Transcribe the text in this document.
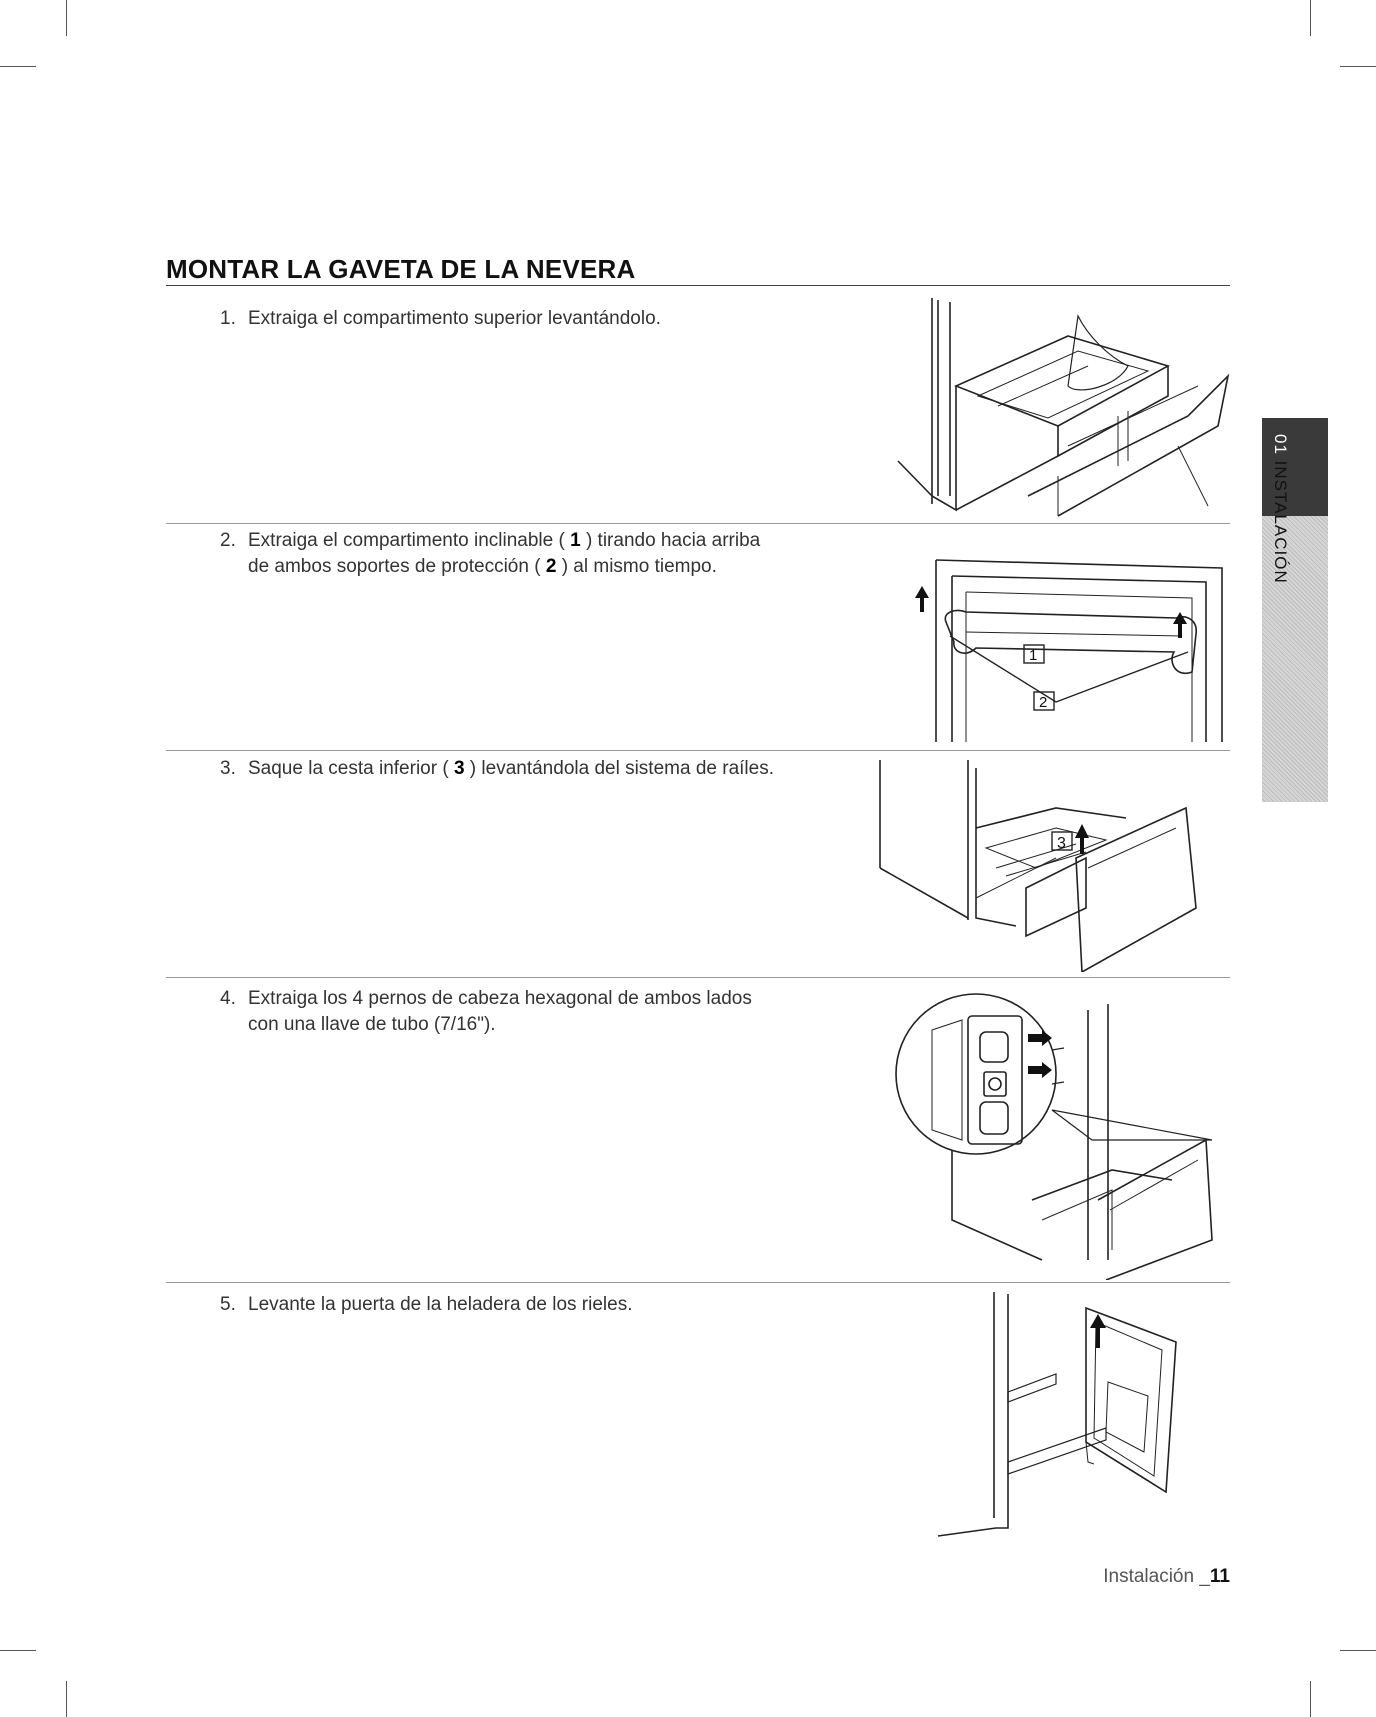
MONTAR LA GAVETA DE LA NEVERA
1. Extraiga el compartimento superior levantándolo.
2. Extraiga el compartimento inclinable ( 1 ) tirando hacia arriba de ambos soportes de protección ( 2 ) al mismo tiempo.
1
2
3. Saque la cesta inferior ( 3 ) levantándola del sistema de raíles.
3
4. Extraiga los 4 pernos de cabeza hexagonal de ambos lados con una llave de tubo (7/16").
5. Levante la puerta de la heladera de los rieles.
01 INSTALACIÓN
Instalación _11
